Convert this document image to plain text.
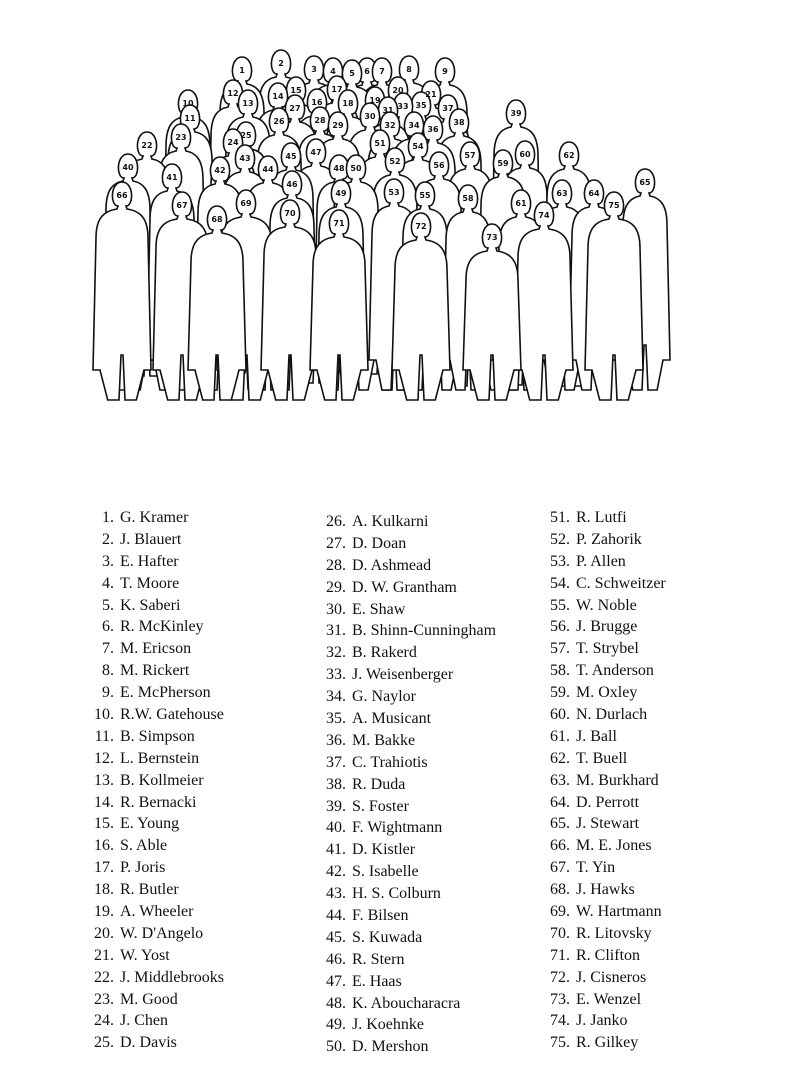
1
2
3	4	5	6	7	8	9
10
11
12
13
14
15
16
17
18	19
20	21
22
23
24
25
26
27
28
29
30
31
32
33
34
35
36
37
38
39
40
41
42
43
44
45
46
47
48
49
50
51
52
53
54
55
56
57
58
59
60
61
62
63	64
65
66
67
68
69
70
71	72
73
74
75
1. G. Kramer
2. J. Blauert
3. E. Hafter
4. T. Moore
5. K. Saberi
6. R. McKinley
7. M. Ericson
8. M. Rickert
9. E. McPherson
10. R.W. Gatehouse
11. B. Simpson
12. L. Bernstein
13. B. Kollmeier
14. R. Bernacki
15. E. Young
16. S. Able
17. P. Joris
18. R. Butler
19. A. Wheeler
20. W. D'Angelo
21. W. Yost
22. J. Middlebrooks
23. M. Good
24. J. Chen
25. D. Davis
26. A. Kulkarni
27. D. Doan
28. D. Ashmead
29. D. W. Grantham
30. E. Shaw
31. B. Shinn-Cunningham
32. B. Rakerd
33. J. Weisenberger
34. G. Naylor
35. A. Musicant
36. M. Bakke
37. C. Trahiotis
38. R. Duda
39. S. Foster
40. F. Wightmann
41. D. Kistler
42. S. Isabelle
43. H. S. Colburn
44. F. Bilsen
45. S. Kuwada
46. R. Stern
47. E. Haas
48. K. Aboucharacra
49. J. Koehnke
50. D. Mershon
51. R. Lutfi
52. P. Zahorik
53. P. Allen
54. C. Schweitzer
55. W. Noble
56. J. Brugge
57. T. Strybel
58. T. Anderson
59. M. Oxley
60. N. Durlach
61. J. Ball
62. T. Buell
63. M. Burkhard
64. D. Perrott
65. J. Stewart
66. M. E. Jones
67. T. Yin
68. J. Hawks
69. W. Hartmann
70. R. Litovsky
71. R. Clifton
72. J. Cisneros
73. E. Wenzel
74. J. Janko
75. R. Gilkey
